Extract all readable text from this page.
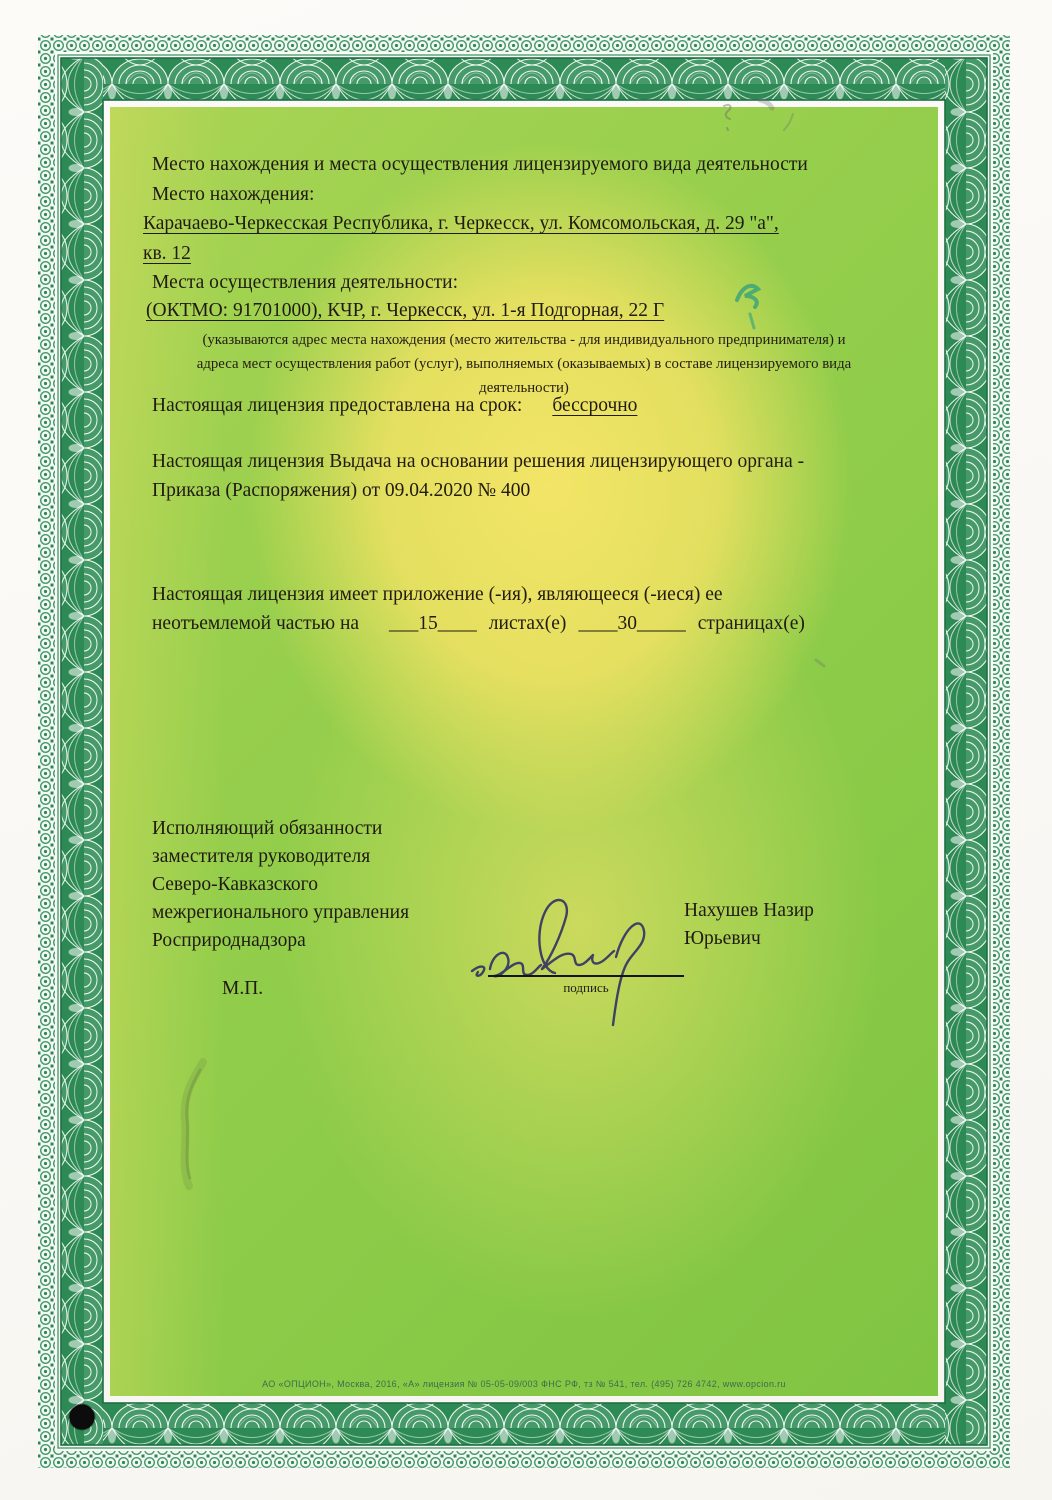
Место нахождения и места осуществления лицензируемого вида деятельности
Место нахождения:
Карачаево-Черкесская Республика, г. Черкесск, ул. Комсомольская, д. 29 "а",
кв. 12
Места осуществления деятельности:
(ОКТМО: 91701000), КЧР, г. Черкесск, ул. 1-я Подгорная, 22 Г
(указываются адрес места нахождения (место жительства - для индивидуального предпринимателя) и
адреса мест осуществления работ (услуг), выполняемых (оказываемых) в составе лицензируемого вида
деятельности)
Настоящая лицензия предоставлена на срок: бессрочно
Настоящая лицензия Выдача на основании решения лицензирующего органа -
Приказа (Распоряжения) от 09.04.2020 № 400
Настоящая лицензия имеет приложение (-ия), являющееся (-иеся) ее
неотъемлемой частью на ___15____ листах(е) ____30_____ страницах(е)
Исполняющий обязанности
заместителя руководителя
Северо-Кавказского
межрегионального управления
Росприроднадзора
М.П.	подпись
Нахушев Назир
Юрьевич
АО «ОПЦИОН», Москва, 2016, «А» лицензия № 05-05-09/003 ФНС РФ, тз № 541, тел. (495) 726 4742, www.opcion.ru
